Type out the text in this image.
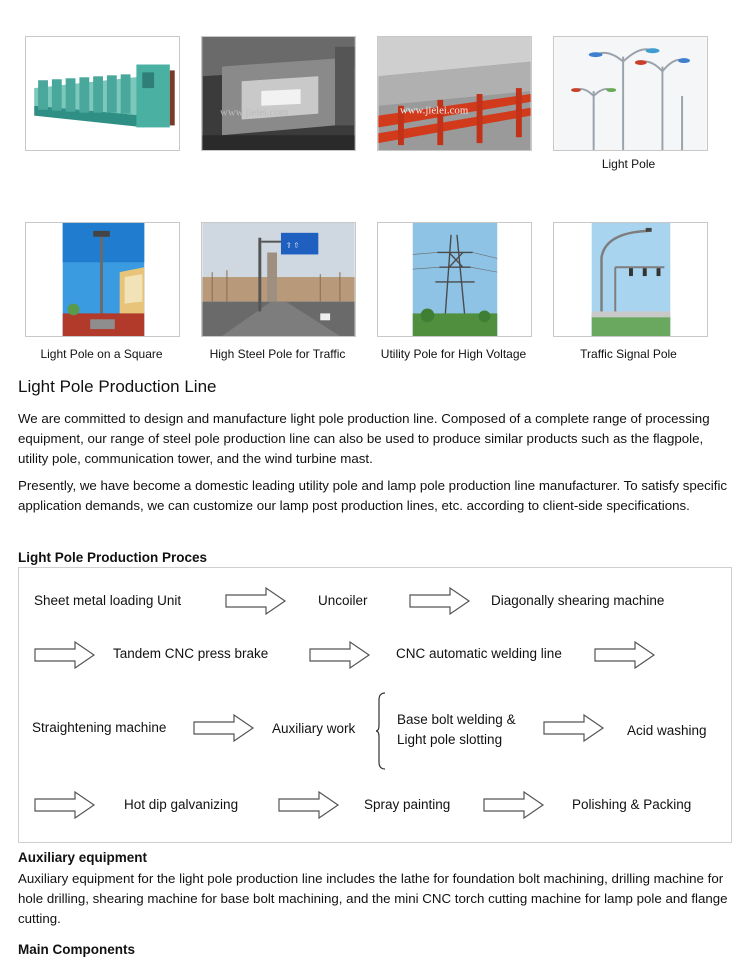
www.jielei.com	www.jielei.com
Light Pole
Light Pole on a Square
⇧ ⇧
High Steel Pole for Traffic	Utility Pole for High Voltage	Traffic Signal Pole
Light Pole Production Line
We are committed to design and manufacture light pole production line. Composed of a complete range of processing equipment, our range of steel pole production line can also be used to produce similar products such as the flagpole, utility pole, communication tower, and the wind turbine mast.
Presently, we have become a domestic leading utility pole and lamp pole production line manufacturer. To satisfy specific application demands, we can customize our lamp post production lines, etc. according to client-side specifications.
Light Pole Production Proces
Sheet metal loading Unit	Uncoiler	Diagonally shearing machine
Tandem CNC press brake	CNC automatic welding line
Straightening machine	Auxiliary work
Base bolt welding &
Light pole slotting
Acid washing
Hot dip galvanizing	Spray painting	Polishing & Packing
Auxiliary equipment
Auxiliary equipment for the light pole production line includes the lathe for foundation bolt machining, drilling machine for hole drilling, shearing machine for base bolt machining, and the mini CNC torch cutting machine for lamp pole and flange cutting.
Main Components
